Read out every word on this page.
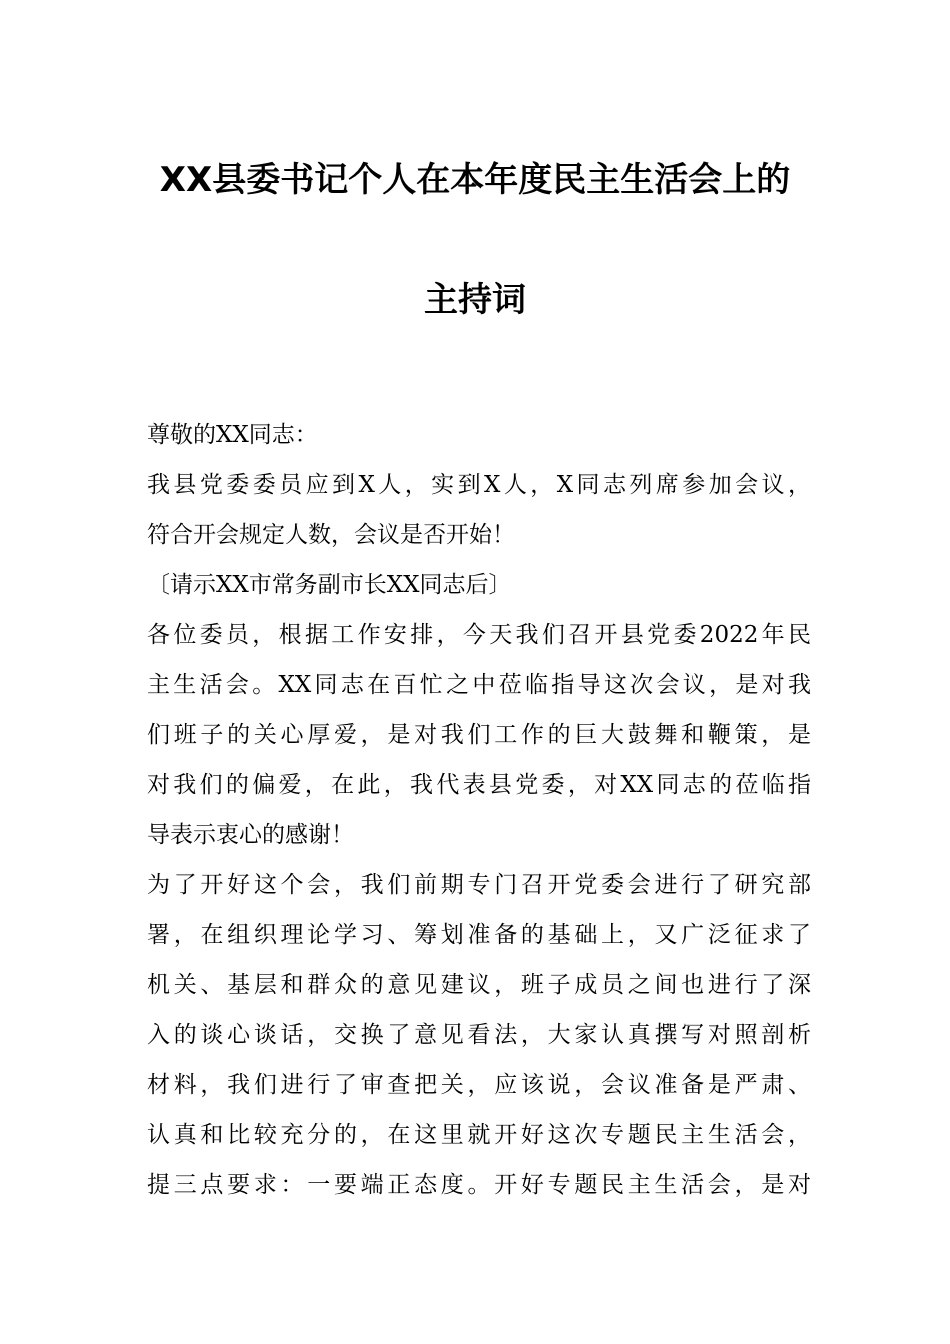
XX县委书记个人在本年度民主生活会上的
主持词
尊敬的XX同志：
我县党委委员应到X人，实到X人，X同志列席参加会议，
符合开会规定人数，会议是否开始！
〔请示XX市常务副市长XX同志后〕
各位委员，根据工作安排，今天我们召开县党委2022年民
主生活会。XX同志在百忙之中莅临指导这次会议，是对我
们班子的关心厚爱，是对我们工作的巨大鼓舞和鞭策，是
对我们的偏爱，在此，我代表县党委，对XX同志的莅临指
导表示衷心的感谢！
为了开好这个会，我们前期专门召开党委会进行了研究部
署，在组织理论学习、筹划准备的基础上，又广泛征求了
机关、基层和群众的意见建议，班子成员之间也进行了深
入的谈心谈话，交换了意见看法，大家认真撰写对照剖析
材料，我们进行了审查把关，应该说，会议准备是严肃、
认真和比较充分的，在这里就开好这次专题民主生活会，
提三点要求：一要端正态度。开好专题民主生活会，是对
